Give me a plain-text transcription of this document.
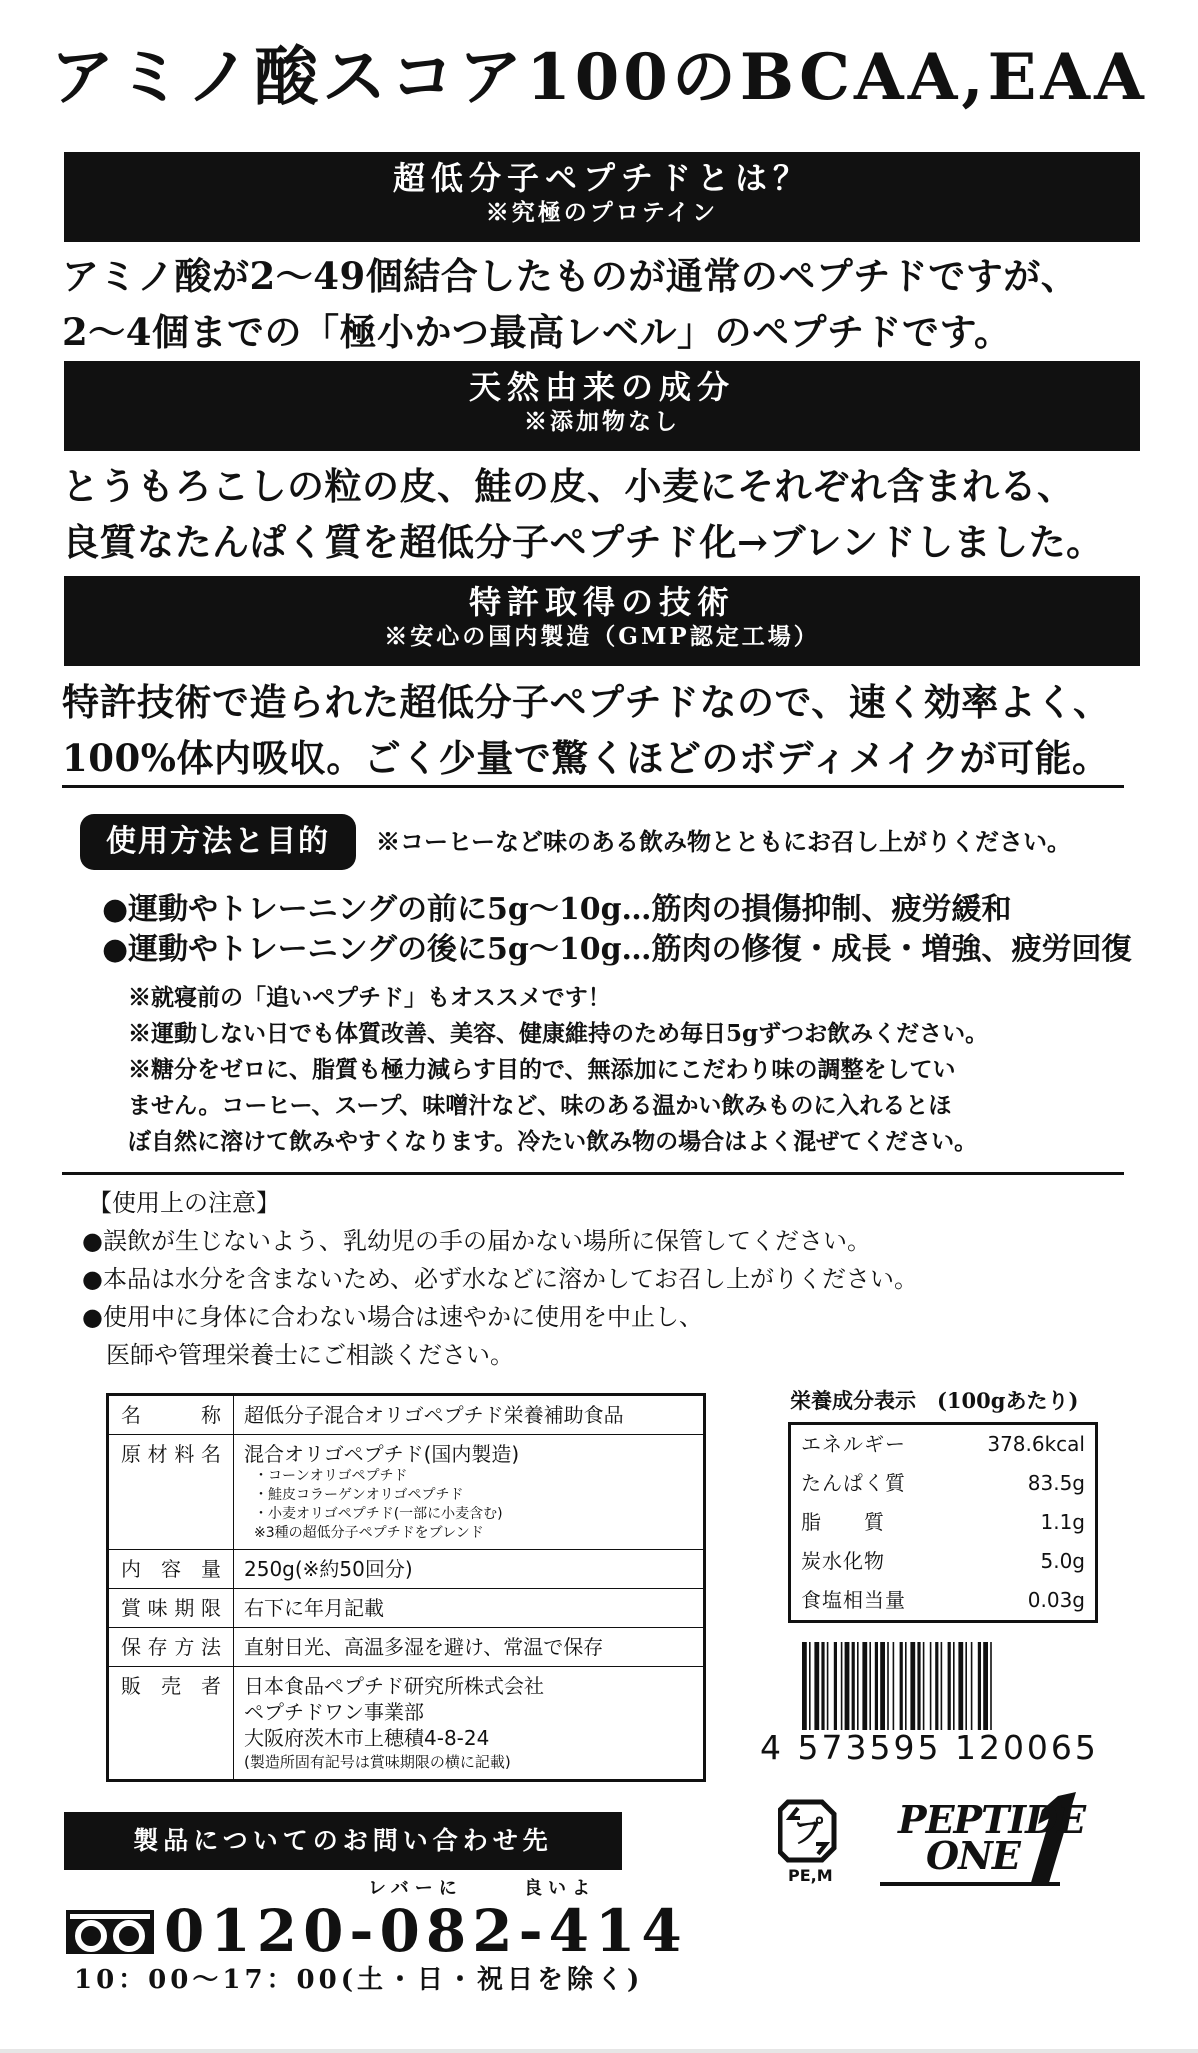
アミノ酸スコア100のBCAA,EAA
超低分子ペプチドとは？
※究極のプロテイン
アミノ酸が2～49個結合したものが通常のペプチドですが、
2～4個までの「極小かつ最高レベル」のペプチドです。
天然由来の成分
※添加物なし
とうもろこしの粒の皮、鮭の皮、小麦にそれぞれ含まれる、
良質なたんぱく質を超低分子ペプチド化→ブレンドしました。
特許取得の技術
※安心の国内製造（GMP認定工場）
特許技術で造られた超低分子ペプチドなので、速く効率よく、
100%体内吸収。ごく少量で驚くほどのボディメイクが可能。
使用方法と目的	※コーヒーなど味のある飲み物とともにお召し上がりください。
●運動やトレーニングの前に5g～10g…筋肉の損傷抑制、疲労緩和
●運動やトレーニングの後に5g～10g…筋肉の修復・成長・増強、疲労回復
※就寝前の「追いペプチド」もオススメです！
※運動しない日でも体質改善、美容、健康維持のため毎日5gずつお飲みください。
※糖分をゼロに、脂質も極力減らす目的で、無添加にこだわり味の調整をしてい
ません。コーヒー、スープ、味噌汁など、味のある温かい飲みものに入れるとほ
ぼ自然に溶けて飲みやすくなります。冷たい飲み物の場合はよく混ぜてください。
【使用上の注意】
●誤飲が生じないよう、乳幼児の手の届かない場所に保管してください。
●本品は水分を含まないため、必ず水などに溶かしてお召し上がりください。
●使用中に身体に合わない場合は速やかに使用を中止し、
　医師や管理栄養士にご相談ください。
名称	超低分子混合オリゴペプチド栄養補助食品
原材料名	混合オリゴペプチド(国内製造)
・コーンオリゴペプチド
・鮭皮コラーゲンオリゴペプチド
・小麦オリゴペプチド(一部に小麦含む)
※3種の超低分子ペプチドをブレンド

内容量	250g(※約50回分)
賞味期限	右下に年月記載
保存方法	直射日光、高温多湿を避け、常温で保存
販売者	日本食品ペプチド研究所株式会社
ペプチドワン事業部
大阪府茨木市上穂積4-8-24
(製造所固有記号は賞味期限の横に記載)
栄養成分表示　(100gあたり)
エネルギー	378.6kcal
たんぱく質	83.5g
脂　　質	1.1g
炭水化物	5.0g
食塩相当量	0.03g
4 573595 120065
製品についてのお問い合わせ先
レバーに	良いよ
0120-082-414
10：00～17：00(土・日・祝日を除く)
プ
PE,M
PEPTIDE
ONE
